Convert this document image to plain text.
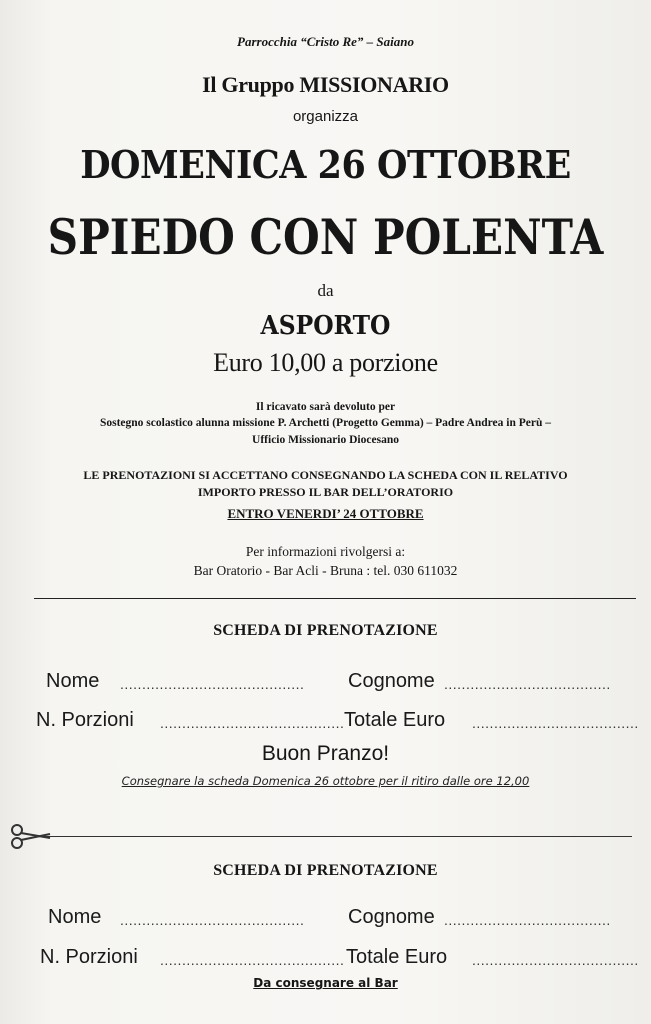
Parrocchia “Cristo Re” – Saiano
Il Gruppo MISSIONARIO
organizza
DOMENICA 26 OTTOBRE
SPIEDO CON POLENTA
da
ASPORTO
Euro 10,00 a porzione
Il ricavato sarà devoluto per
Sostegno scolastico alunna missione P. Archetti (Progetto Gemma) – Padre Andrea in Perù –
Ufficio Missionario Diocesano
LE PRENOTAZIONI SI ACCETTANO CONSEGNANDO LA SCHEDA CON IL RELATIVO
IMPORTO PRESSO IL BAR DELL’ORATORIO
ENTRO VENERDI’ 24 OTTOBRE
Per informazioni rivolgersi a:
Bar Oratorio - Bar Acli - Bruna : tel. 030 611032
SCHEDA DI PRENOTAZIONE
Nome .......................................... Cognome ......................................
N. Porzioni .......................................... Totale Euro ......................................
Buon Pranzo!
Consegnare la scheda Domenica 26 ottobre per il ritiro dalle ore 12,00
SCHEDA DI PRENOTAZIONE
Nome .......................................... Cognome ......................................
N. Porzioni .......................................... Totale Euro ......................................
Da consegnare al Bar
